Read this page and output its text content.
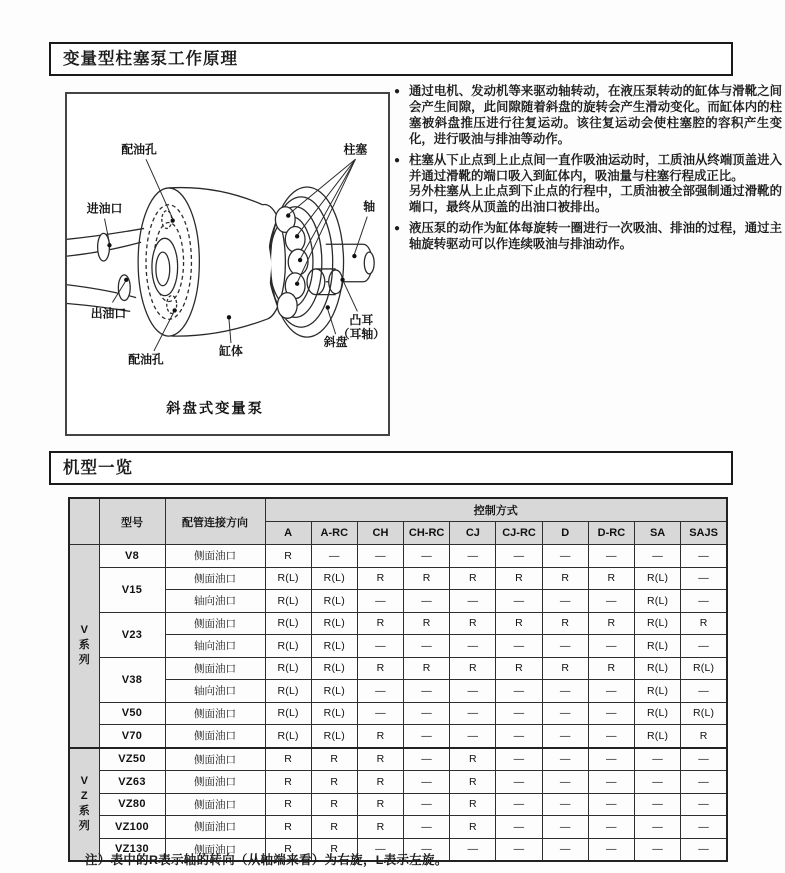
变量型柱塞泵工作原理
配油孔	柱塞
进油口	轴
出油口
配油孔
缸体
斜盘
凸耳
（耳轴）
斜盘式变量泵
● 通过电机、发动机等来驱动轴转动，在液压泵转动的缸体与滑靴之间会产生间隙，此间隙随着斜盘的旋转会产生滑动变化。而缸体内的柱塞被斜盘推压进行往复运动。该往复运动会使柱塞腔的容积产生变化，进行吸油与排油等动作。

● 柱塞从下止点到上止点间一直作吸油运动时，工质油从终端顶盖进入并通过滑靴的端口吸入到缸体内，吸油量与柱塞行程成正比。

另外柱塞从上止点到下止点的行程中，工质油被全部强制通过滑靴的端口，最终从顶盖的出油口被排出。

● 液压泵的动作为缸体每旋转一圈进行一次吸油、排油的过程，通过主轴旋转驱动可以作连续吸油与排油动作。

机型一览
	型号	配管连接方向	控制方式									
			A	A-RC	CH	CH-RC	CJ	CJ-RC	D	D-RC	SA	SAJS

V
系
列	V8	侧面油口	R	—	—	—	—	—	—	—	—	—
	V15	侧面油口	R(L)	R(L)	R	R	R	R	R	R	R(L)	—
		轴向油口	R(L)	R(L)	—	—	—	—	—	—	R(L)	—
	V23	侧面油口	R(L)	R(L)	R	R	R	R	R	R	R(L)	R
		轴向油口	R(L)	R(L)	—	—	—	—	—	—	R(L)	—
	V38	侧面油口	R(L)	R(L)	R	R	R	R	R	R	R(L)	R(L)
		轴向油口	R(L)	R(L)	—	—	—	—	—	—	R(L)	—
	V50	侧面油口	R(L)	R(L)	—	—	—	—	—	—	R(L)	R(L)
	V70	侧面油口	R(L)	R(L)	R	—	—	—	—	—	R(L)	R

V
Z
系
列	VZ50	侧面油口	R	R	R	—	R	—	—	—	—	—
	VZ63	侧面油口	R	R	R	—	R	—	—	—	—	—
	VZ80	侧面油口	R	R	R	—	R	—	—	—	—	—
	VZ100	侧面油口	R	R	R	—	R	—	—	—	—	—
	VZ130	侧面油口	R	R	—	—	—	—	—	—	—	—
注）表中的R表示轴的转向（从轴端来看）为右旋，L表示左旋。
